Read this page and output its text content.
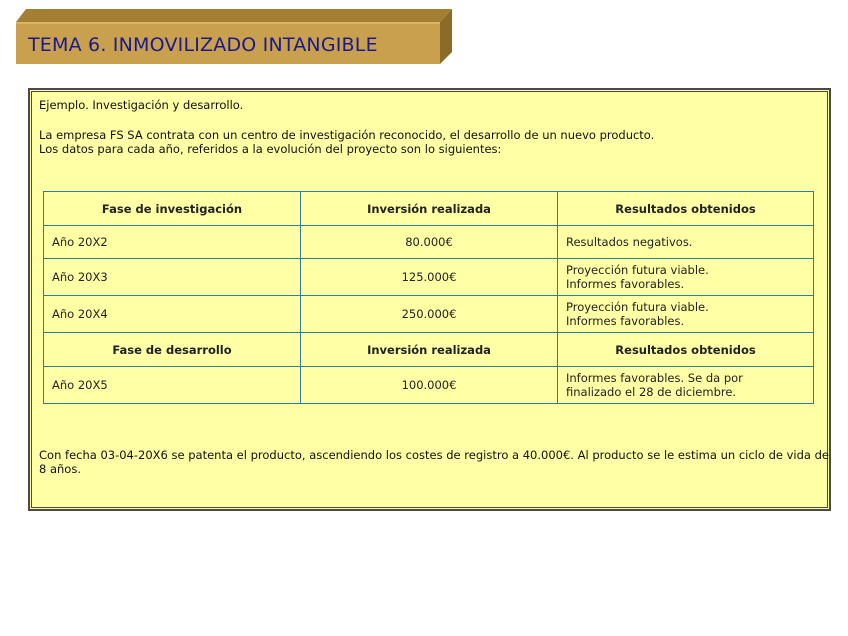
TEMA 6. INMOVILIZADO INTANGIBLE
Ejemplo. Investigación y desarrollo.
La empresa FS SA contrata con un centro de investigación reconocido, el desarrollo de un nuevo producto.
Los datos para cada año, referidos a la evolución del proyecto son lo siguientes:
Fase de investigación	Inversión realizada	Resultados obtenidos
Año 20X2	80.000€	Resultados negativos.
Año 20X3	125.000€	Proyección futura viable.
Informes favorables.
Año 20X4	250.000€	Proyección futura viable.
Informes favorables.
Fase de desarrollo	Inversión realizada	Resultados obtenidos
Año 20X5	100.000€	Informes favorables. Se da por
finalizado el 28 de diciembre.
Con fecha 03-04-20X6 se patenta el producto, ascendiendo los costes de registro a 40.000€. Al producto se le estima un ciclo de vida de 8 años.
